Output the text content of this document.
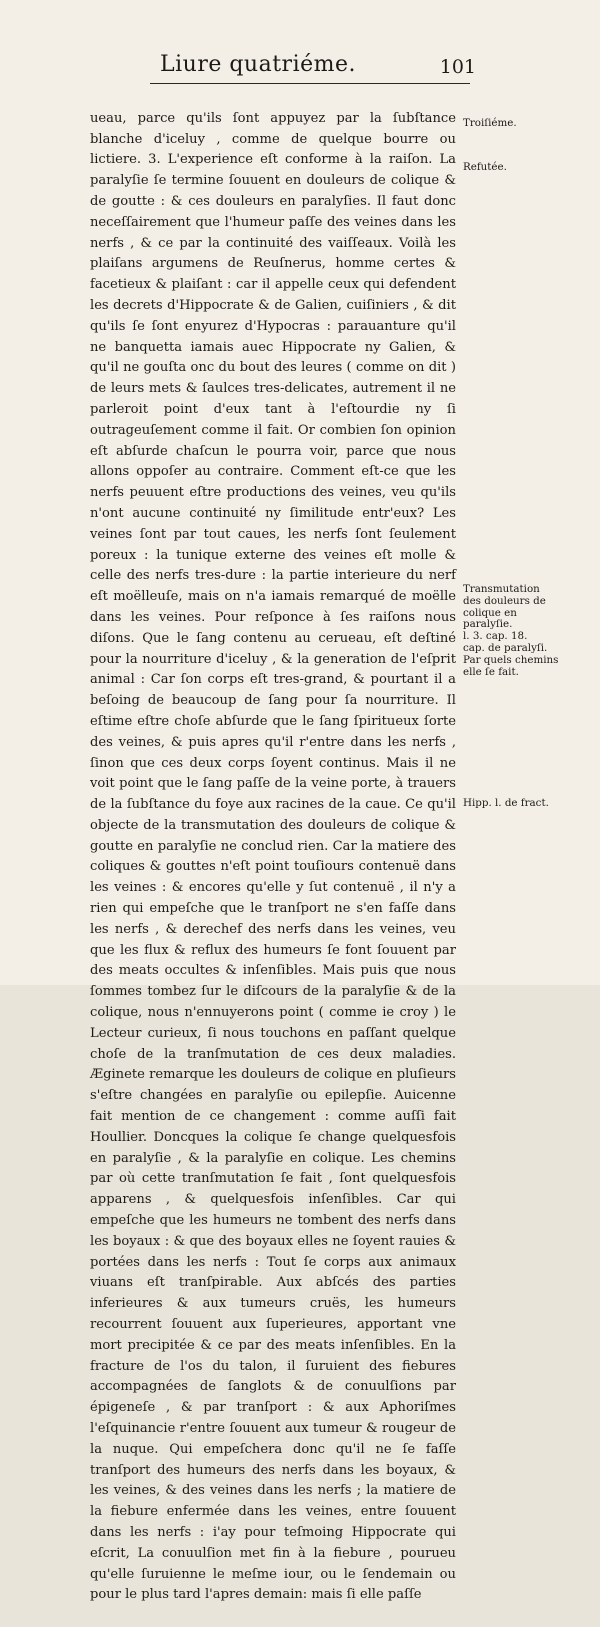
Liure quatriéme.	101

ueau, parce qu'ils ſont appuyez par la ſubſtance blanche d'iceluy , comme de quelque bourre ou lictiere. 3. L'experience eſt conforme à la raiſon. La paralyſie ſe termine ſouuent en douleurs de colique & de goutte : & ces douleurs en paralyſies. Il faut donc neceſſairement que l'humeur paſſe des veines dans les nerfs , & ce par la continuité des vaiſſeaux. Voilà les plaiſans argumens de Reuſnerus, homme certes & facetieux & plaiſant : car il appelle ceux qui defendent les decrets d'Hippocrate & de Galien, cuiſiniers , & dit qu'ils ſe ſont enyurez d'Hypocras : parauanture qu'il ne banquetta iamais auec Hippocrate ny Galien, & qu'il ne gouſta onc du bout des leures ( comme on dit ) de leurs mets & ſaulces tres-delicates, autrement il ne parleroit point d'eux tant à l'eſtourdie ny ſi outrageuſement comme il fait. Or combien ſon opinion eſt abſurde chaſcun le pourra voir, parce que nous allons oppoſer au contraire. Comment eſt-ce que les nerfs peuuent eſtre productions des veines, veu qu'ils n'ont aucune continuité ny ſimilitude entr'eux? Les veines ſont par tout caues, les nerfs ſont ſeulement poreux : la tunique externe des veines eſt molle & celle des nerfs tres-dure : la partie interieure du nerf eſt moëlleuſe, mais on n'a iamais remarqué de moëlle dans les veines. Pour reſponce à ſes raiſons nous diſons. Que le ſang contenu au cerueau, eſt deſtiné pour la nourriture d'iceluy , & la generation de l'eſprit animal : Car ſon corps eſt tres-grand, & pourtant il a beſoing de beaucoup de ſang pour ſa nourriture. Il eſtime eſtre choſe abſurde que le ſang ſpiritueux ſorte des veines, & puis apres qu'il r'entre dans les nerfs , ſinon que ces deux corps ſoyent continus. Mais il ne voit point que le ſang paſſe de la veine porte, à trauers de la ſubſtance du foye aux racines de la caue. Ce qu'il objecte de la transmutation des douleurs de colique & goutte en paralyſie ne conclud rien. Car la matiere des coliques & gouttes n'eſt point touſiours contenuë dans les veines : & encores qu'elle y ſut contenuë , il n'y a rien qui empeſche que le tranſport ne s'en faſſe dans les nerfs , & derechef des nerfs dans les veines, veu que les flux & reflux des humeurs ſe font ſouuent par des meats occultes & inſenſibles. Mais puis que nous ſommes tombez ſur le diſcours de la paralyſie & de la colique, nous n'ennuyerons point ( comme ie croy ) le Lecteur curieux, ſi nous touchons en paſſant quelque choſe de la tranſmutation de ces deux maladies. Æginete remarque les douleurs de colique en pluſieurs s'eſtre changées en paralyſie ou epilepſie. Auicenne fait mention de ce changement : comme auſſi fait Houllier. Doncques la colique ſe change quelquesfois en paralyſie , & la paralyſie en colique. Les chemins par où cette tranſmutation ſe fait , ſont quelquesfois apparens , & quelquesfois inſenſibles. Car qui empeſche que les humeurs ne tombent des nerfs dans les boyaux : & que des boyaux elles ne ſoyent rauies & portées dans les nerfs : Tout ſe corps aux animaux viuans eſt tranſpirable. Aux abſcés des parties inferieures & aux tumeurs cruës, les humeurs recourrent ſouuent aux ſuperieures, apportant vne mort precipitée & ce par des meats inſenſibles. En la fracture de l'os du talon, il ſuruient des fiebures accompagnées de ſanglots & de conuulſions par épigeneſe , & par tranſport : & aux Aphoriſmes l'eſquinancie r'entre ſouuent aux tumeur & rougeur de la nuque. Qui empeſchera donc qu'il ne ſe faſſe tranſport des humeurs des nerfs dans les boyaux, & les veines, & des veines dans les nerfs ; la matiere de la fiebure enfermée dans les veines, entre ſouuent dans les nerfs : i'ay pour teſmoing Hippocrate qui eſcrit, La conuulſion met fin à la fiebure , pourueu qu'elle ſuruienne le meſme iour, ou le ſendemain ou pour le plus tard l'apres demain: mais ſi elle paſſe

Troiſiéme.
Refutée.
Transmutation des douleurs de colique en paralyſie.
l. 3. cap. 18.
cap. de paralyſi.
Par quels chemins elle ſe fait.
Hipp. l. de fract.
